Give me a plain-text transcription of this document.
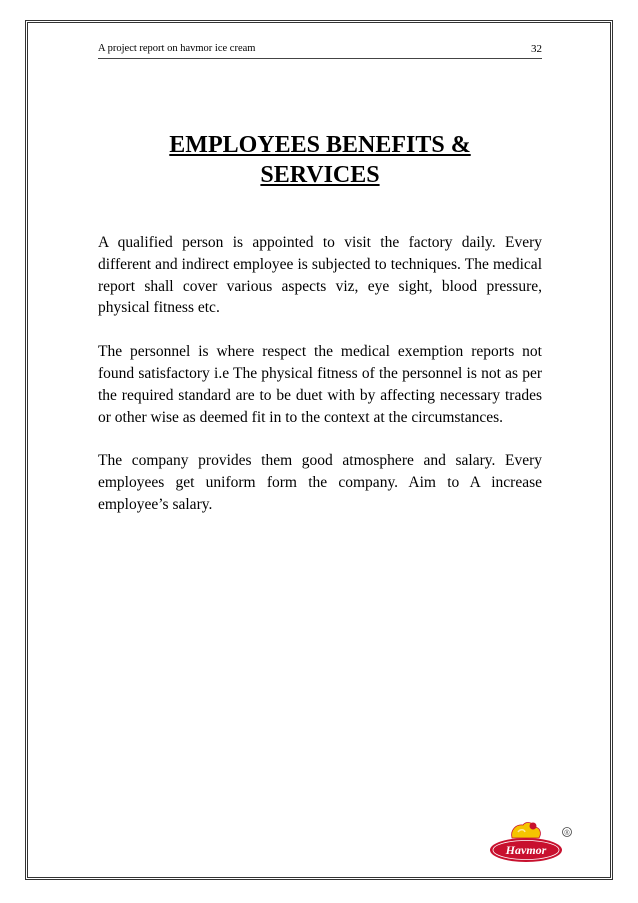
A project report on havmor ice cream	32
EMPLOYEES BENEFITS &
SERVICES

A qualified person is appointed to visit the factory daily. Every different and indirect employee is subjected to techniques. The medical report shall cover various aspects viz, eye sight, blood pressure, physical fitness etc.

The personnel is where respect the medical exemption reports not found satisfactory i.e The physical fitness of the personnel is not as per the required standard are to be duet with by affecting necessary trades or other wise as deemed fit in to the context at the circumstances.

The company provides them good atmosphere and salary. Every employees get uniform form the company. Aim to A increase employee’s salary.

Havmor
®
